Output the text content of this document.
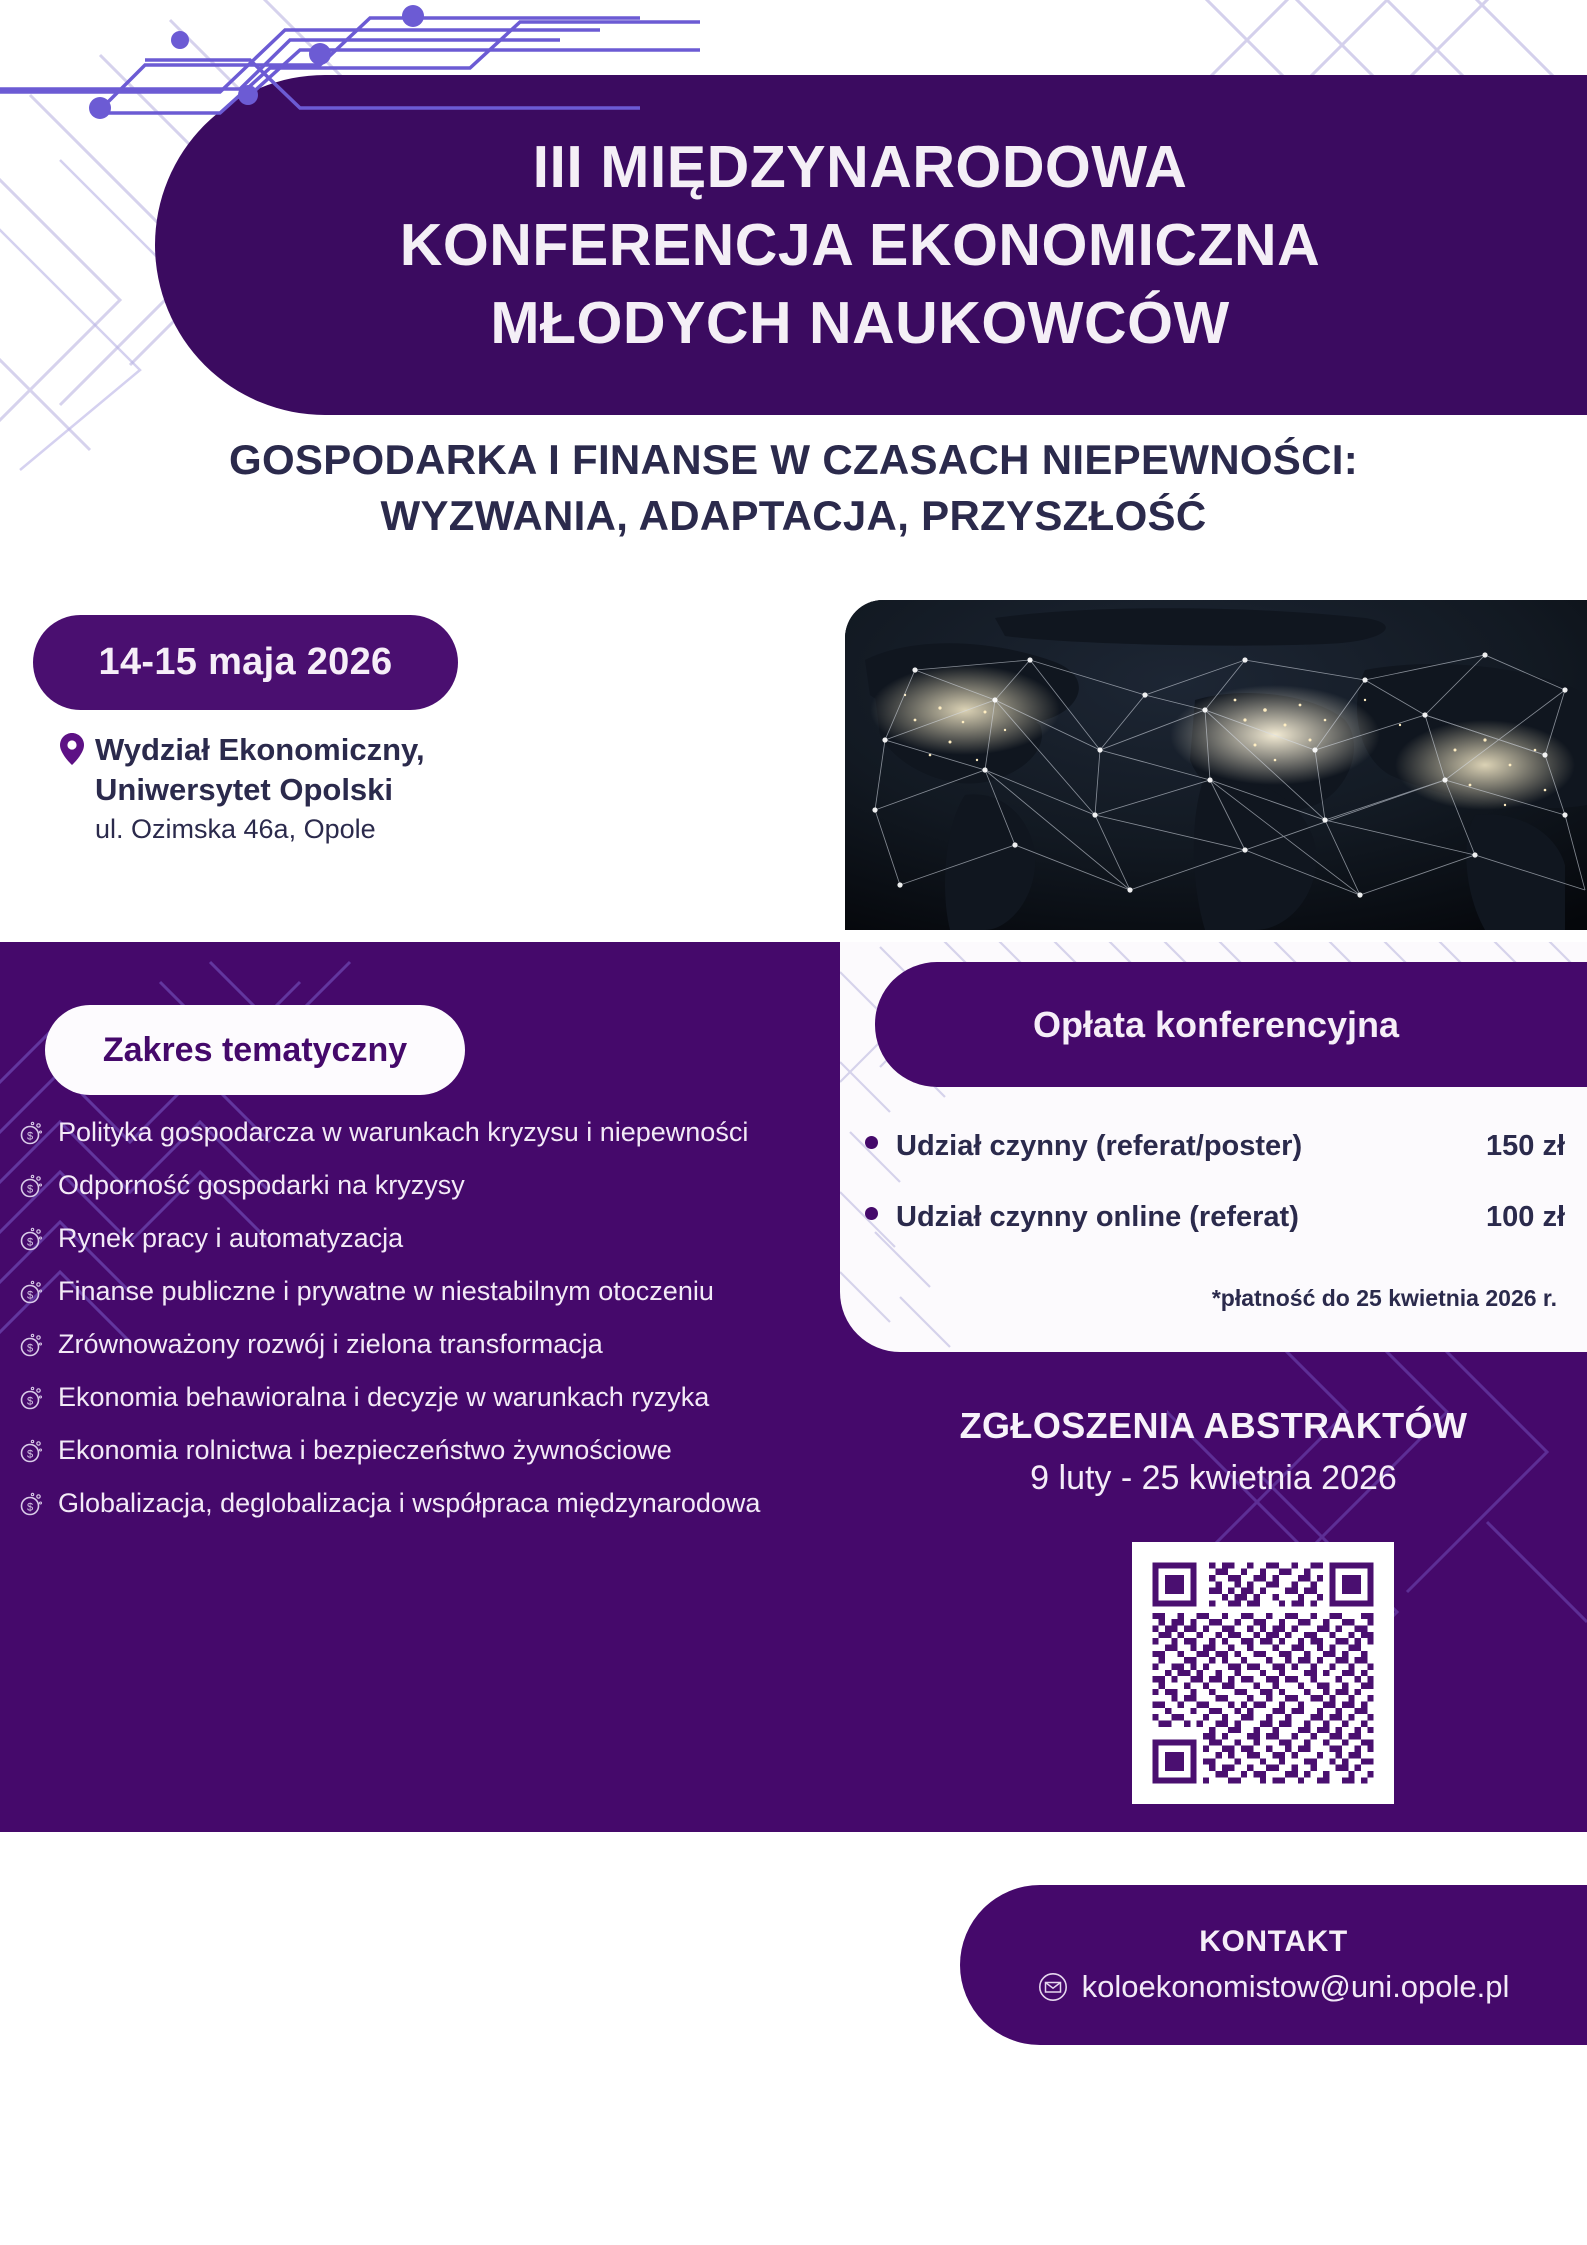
III MIĘDZYNARODOWA
KONFERENCJA EKONOMICZNA
MŁODYCH NAUKOWCÓW
GOSPODARKA I FINANSE W CZASACH NIEPEWNOŚCI:
WYZWANIA, ADAPTACJA, PRZYSZŁOŚĆ
14-15 maja 2026
Wydział Ekonomiczny,
Uniwersytet Opolski
ul. Ozimska 46a, Opole
Zakres tematyczny
Opłata konferencyjna
$ Polityka gospodarcza w warunkach kryzysu i niepewności
$ Odporność gospodarki na kryzysy
$ Rynek pracy i automatyzacja
$ Finanse publiczne i prywatne w niestabilnym otoczeniu
$ Zrównoważony rozwój i zielona transformacja
$ Ekonomia behawioralna i decyzje w warunkach ryzyka
$ Ekonomia rolnictwa i bezpieczeństwo żywnościowe
$ Globalizacja, deglobalizacja i współpraca międzynarodowa
Udział czynny (referat/poster)	150 zł
Udział czynny online (referat)	100 zł
*płatność do 25 kwietnia 2026 r.
ZGŁOSZENIA ABSTRAKTÓW
9 luty - 25 kwietnia 2026
KONTAKT
koloekonomistow@uni.opole.pl
